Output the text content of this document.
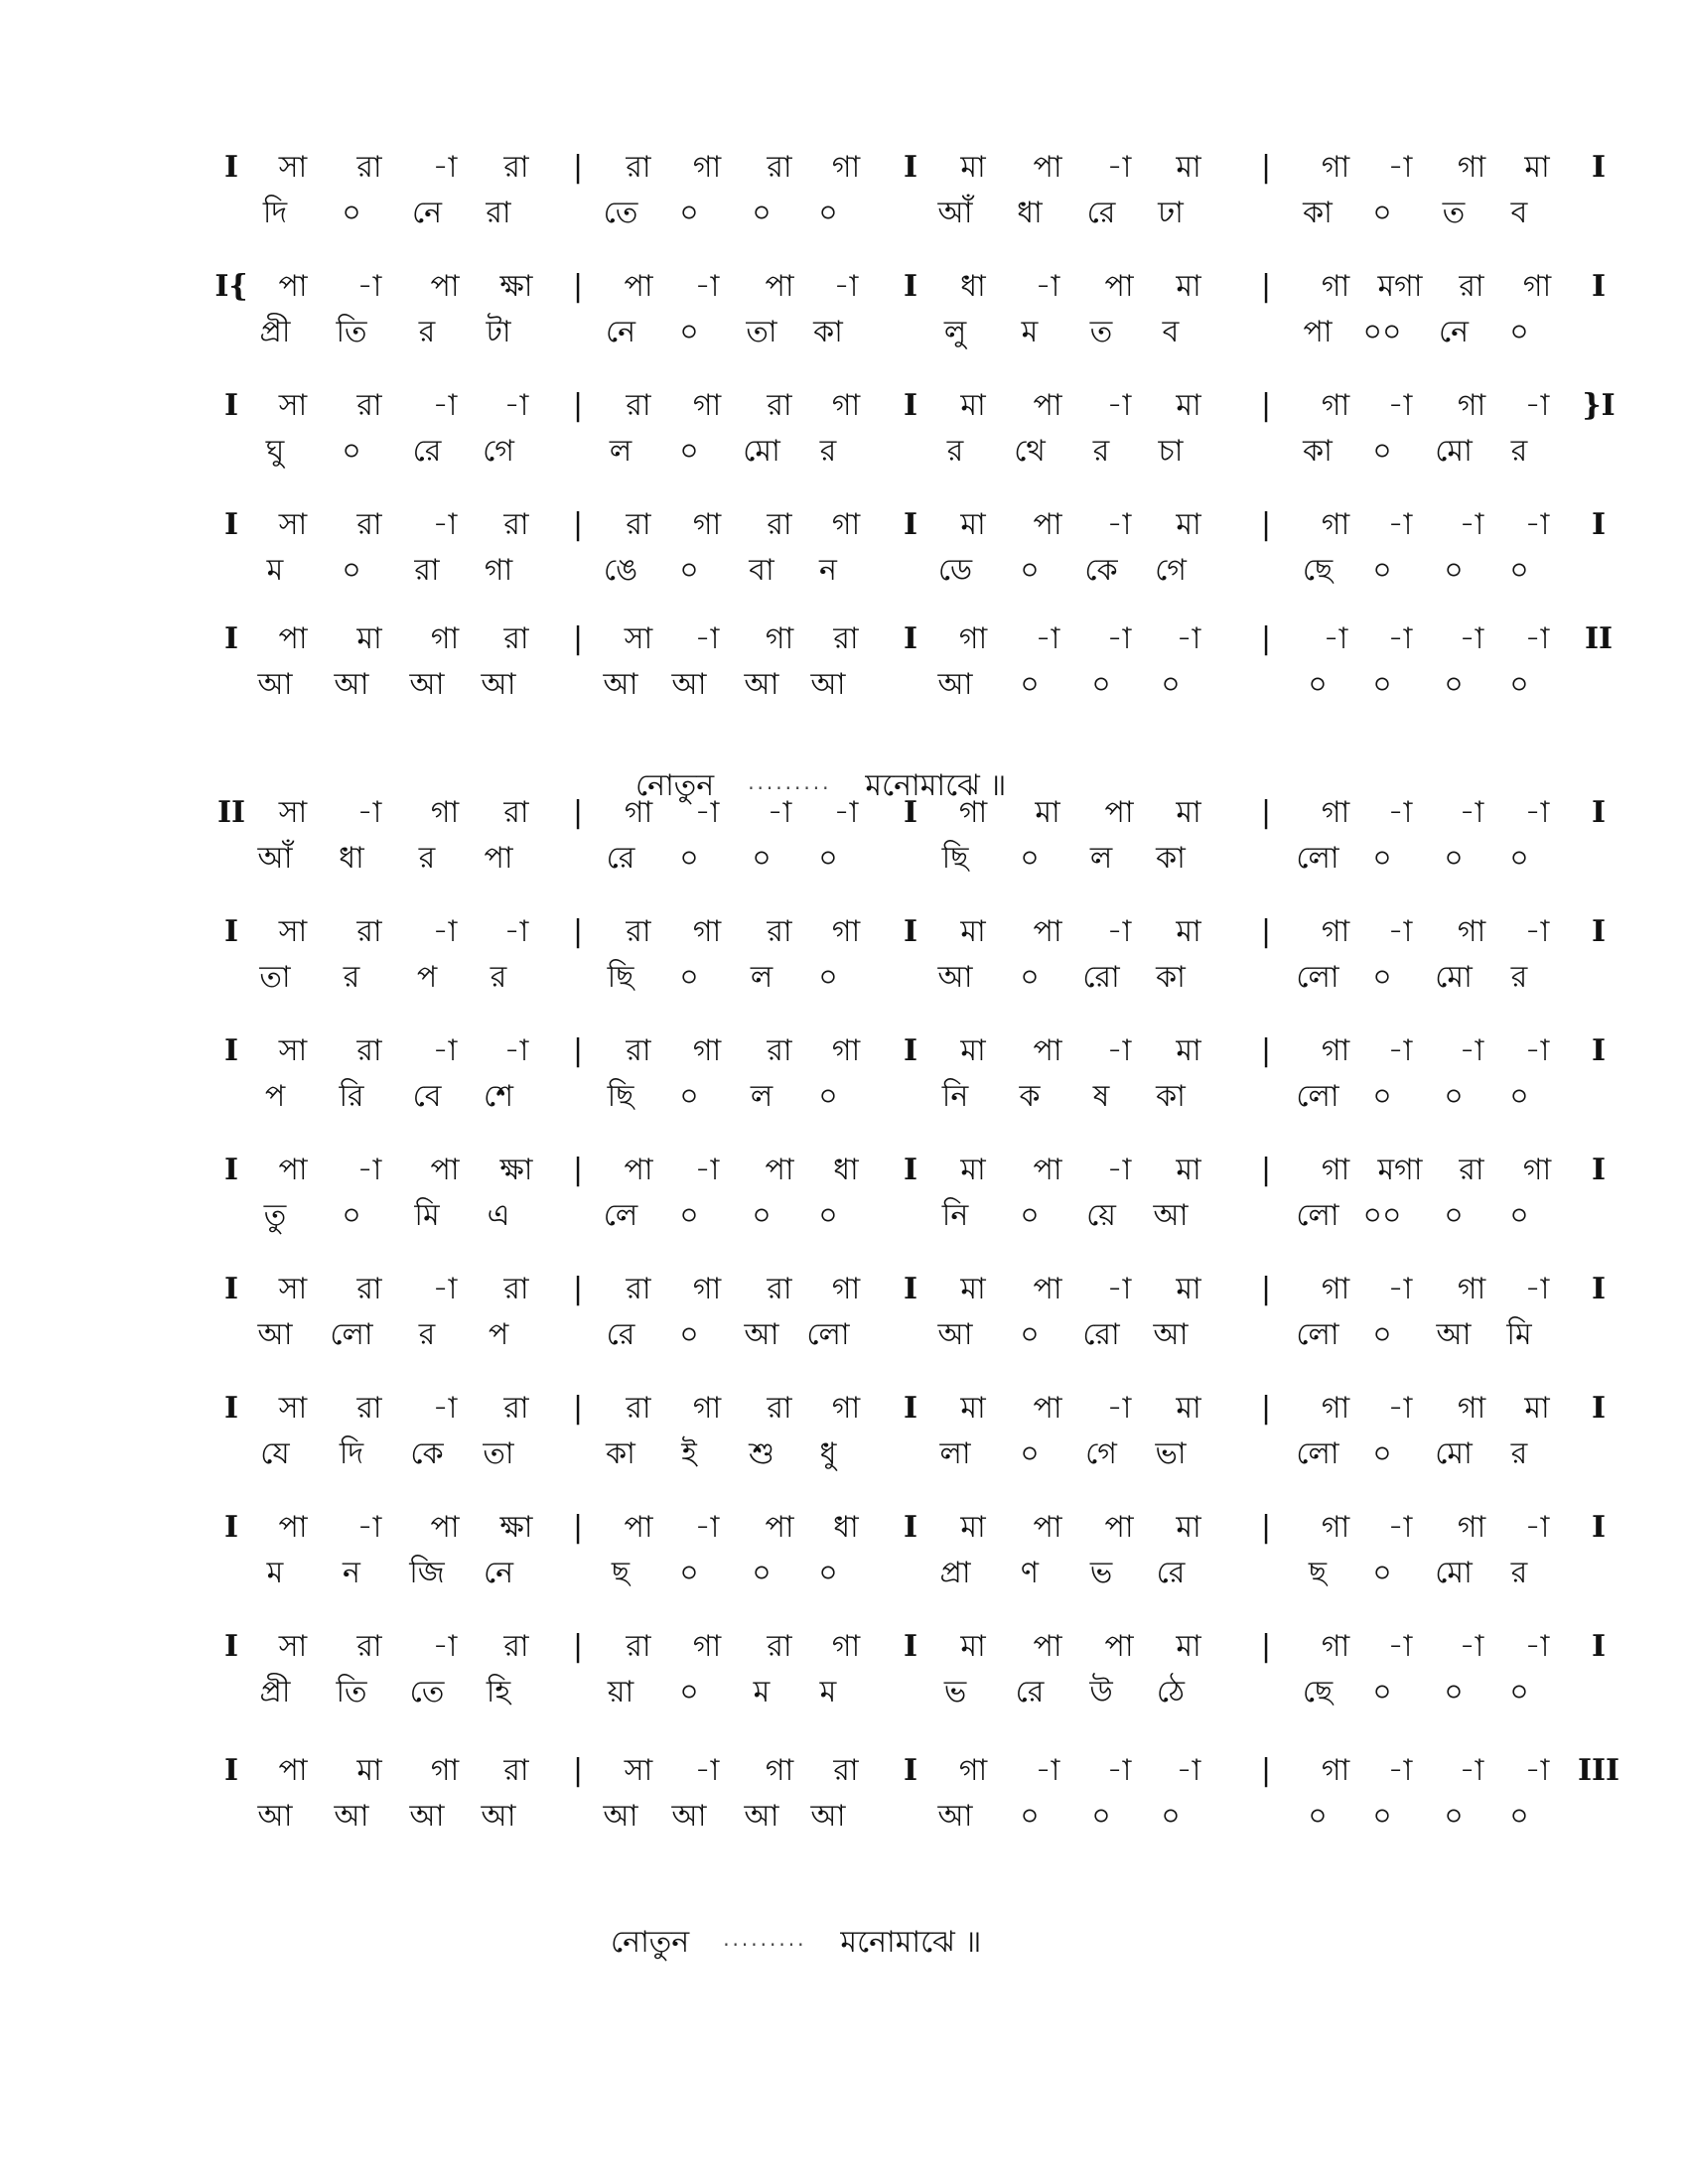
I সা রা -া রা | রা গা রা গা I মা পা -া মা | গা -া গা মা I
দি ০ নে রা	তে ০ ০ ০	আঁ ধা রে ঢা	কা ০ ত ব
I{ পা -া পা ক্ষা | পা -া পা -া I ধা -া পা মা | গা মগা রা গা I
প্রী তি র টা	নে ০ তা কা	লু ম ত ব	পা ০০ নে ০
I সা রা -া -া | রা গা রা গা I মা পা -া মা | গা -া গা -া }I
ঘু ০ রে গে	ল ০ মো র	র থে র চা	কা ০ মো র
I সা রা -া রা | রা গা রা গা I মা পা -া মা | গা -া -া -া I
ম ০ রা গা	ঙে ০ বা ন	ডে ০ কে গে	ছে ০ ০ ০
I পা মা গা রা | সা -া গা রা I গা -া -া -া | -া -া -া -া II
আ আ আ আ	আ আ আ আ	আ ০ ০ ০	০ ০ ০ ০
নোতুন ········· মনোমাঝে ॥
II সা -া গা রা | গা -া -া -া I গা মা পা মা | গা -া -া -া I
আঁ ধা র পা	রে ০ ০ ০	ছি ০ ল কা	লো ০ ০ ০
I সা রা -া -া | রা গা রা গা I মা পা -া মা | গা -া গা -া I
তা র প র	ছি ০ ল ০	আ ০ রো কা	লো ০ মো র
I সা রা -া -া | রা গা রা গা I মা পা -া মা | গা -া -া -া I
প রি বে শে	ছি ০ ল ০	নি ক ষ কা	লো ০ ০ ০
I পা -া পা ক্ষা | পা -া পা ধা I মা পা -া মা | গা মগা রা গা I
তু ০ মি এ	লে ০ ০ ০	নি ০ য়ে আ	লো ০০ ০ ০
I সা রা -া রা | রা গা রা গা I মা পা -া মা | গা -া গা -া I
আ লো র প	রে ০ আ লো	আ ০ রো আ	লো ০ আ মি
I সা রা -া রা | রা গা রা গা I মা পা -া মা | গা -া গা মা I
যে দি কে তা	কা ই শু ধু	লা ০ গে ভা	লো ০ মো র
I পা -া পা ক্ষা | পা -া পা ধা I মা পা পা মা | গা -া গা -া I
ম ন জি নে	ছ ০ ০ ০	প্রা ণ ভ রে	ছ ০ মো র
I সা রা -া রা | রা গা রা গা I মা পা পা মা | গা -া -া -া I
প্রী তি তে হি	য়া ০ ম ম	ভ রে উ ঠে	ছে ০ ০ ০
I পা মা গা রা | সা -া গা রা I গা -া -া -া | গা -া -া -া III
আ আ আ আ	আ আ আ আ	আ ০ ০ ০	০ ০ ০ ০
নোতুন ········· মনোমাঝে ॥
